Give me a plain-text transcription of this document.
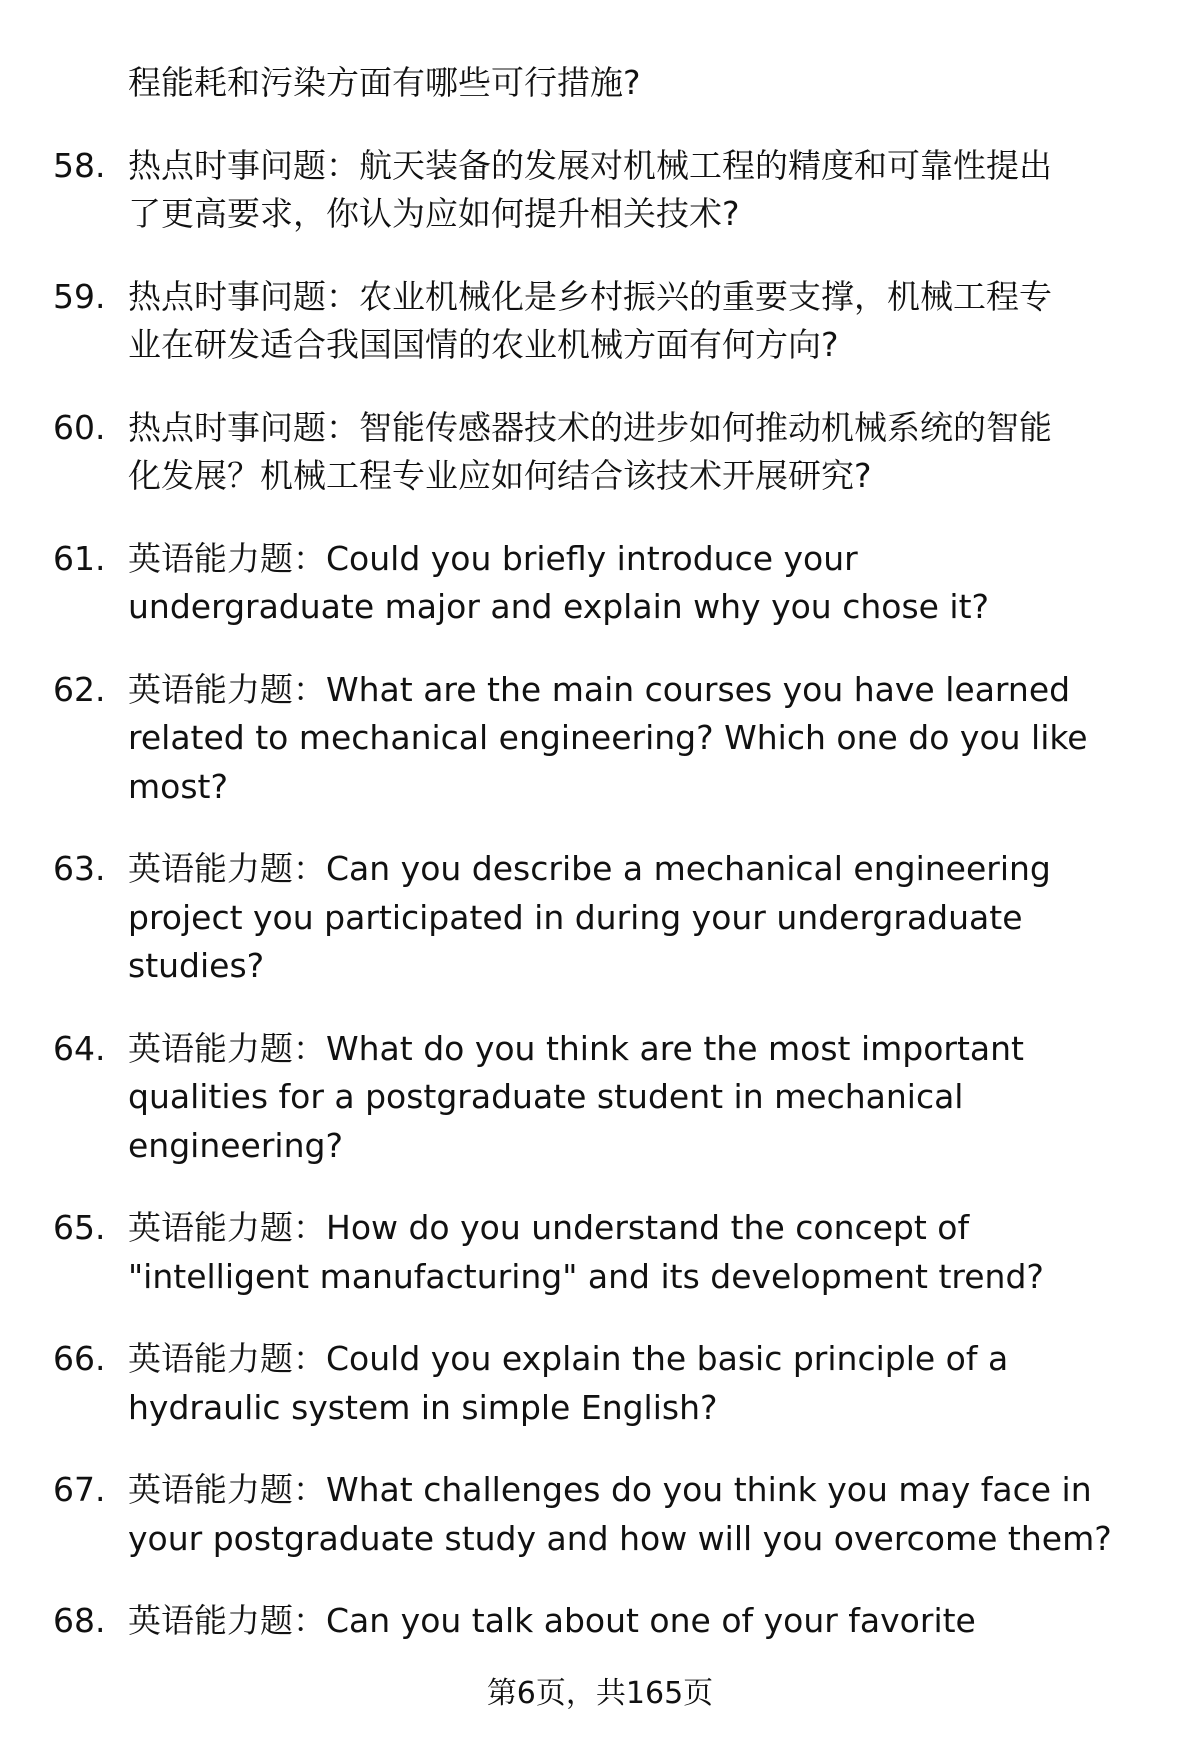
程能耗和污染方面有哪些可行措施?
58. 热点时事问题：航天装备的发展对机械工程的精度和可靠性提出
了更高要求，你认为应如何提升相关技术?
59. 热点时事问题：农业机械化是乡村振兴的重要支撑，机械工程专
业在研发适合我国国情的农业机械方面有何方向?
60. 热点时事问题：智能传感器技术的进步如何推动机械系统的智能
化发展？机械工程专业应如何结合该技术开展研究?
61. 英语能力题：Could you briefly introduce your
undergraduate major and explain why you chose it?
62. 英语能力题：What are the main courses you have learned
related to mechanical engineering? Which one do you like
most?
63. 英语能力题：Can you describe a mechanical engineering
project you participated in during your undergraduate
studies?
64. 英语能力题：What do you think are the most important
qualities for a postgraduate student in mechanical
engineering?
65. 英语能力题：How do you understand the concept of
"intelligent manufacturing" and its development trend?
66. 英语能力题：Could you explain the basic principle of a
hydraulic system in simple English?
67. 英语能力题：What challenges do you think you may face in
your postgraduate study and how will you overcome them?
68. 英语能力题：Can you talk about one of your favorite
第6页，共165页
